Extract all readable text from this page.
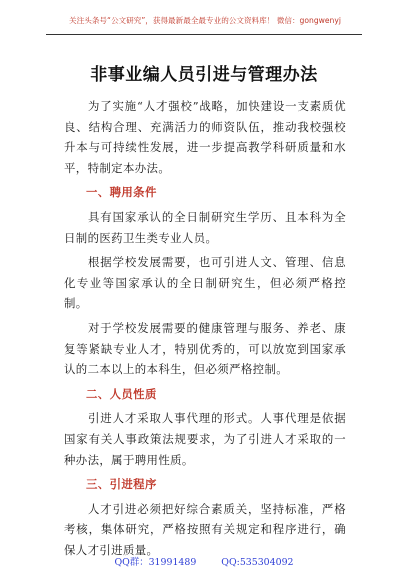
关注头条号“公文研究”，获得最新最全最专业的公文资料库！ 微信：gongwenyj
非事业编人员引进与管理办法

为了实施“人才强校”战略，加快建设一支素质优良、结构合理、充满活力的师资队伍，推动我校强校升本与可持续性发展，进一步提高教学科研质量和水平，特制定本办法。

一、聘用条件

具有国家承认的全日制研究生学历、且本科为全日制的医药卫生类专业人员。

根据学校发展需要，也可引进人文、管理、信息化专业等国家承认的全日制研究生，但必须严格控制。

对于学校发展需要的健康管理与服务、养老、康复等紧缺专业人才，特别优秀的，可以放宽到国家承认的二本以上的本科生，但必须严格控制。

二、人员性质

引进人才采取人事代理的形式。人事代理是依据国家有关人事政策法规要求，为了引进人才采取的一种办法，属于聘用性质。

三、引进程序

人才引进必须把好综合素质关，坚持标准，严格考核，集体研究，严格按照有关规定和程序进行，确保人才引进质量。

QQ群：31991489	QQ:535304092
